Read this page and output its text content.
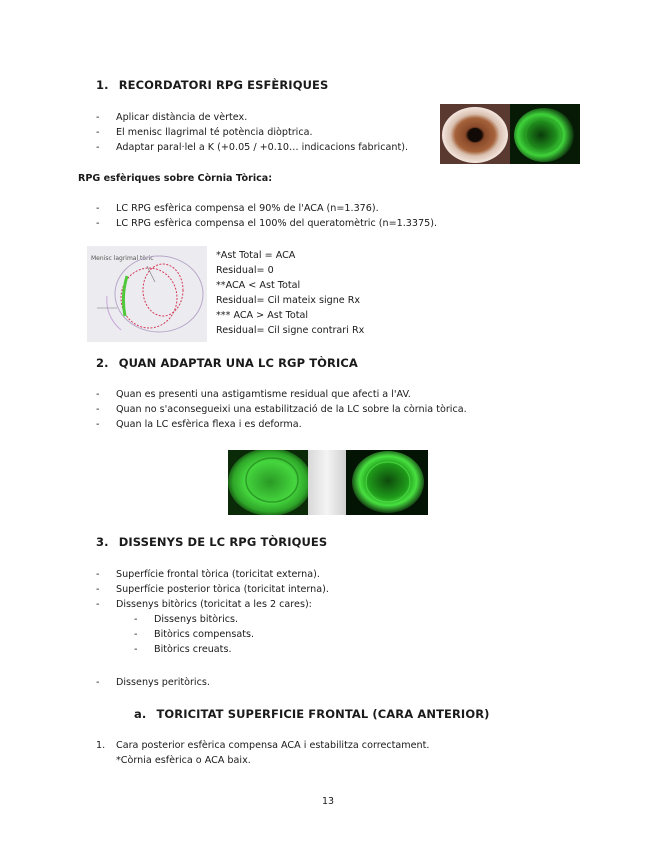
1. RECORDATORI RPG ESFÈRIQUES
- Aplicar distància de vèrtex.
- El menisc llagrimal té potència diòptrica.
- Adaptar paral·lel a K (+0.05 / +0.10… indicacions fabricant).
RPG esfèriques sobre Còrnia Tòrica:
- LC RPG esfèrica compensa el 90% de l'ACA (n=1.376).
- LC RPG esfèrica compensa el 100% del queratomètric (n=1.3375).
Menisc lagrimal tòric	*Ast Total = ACA
Residual= 0
**ACA < Ast Total
Residual= Cil mateix signe Rx
*** ACA > Ast Total
Residual= Cil signe contrari Rx
2. QUAN ADAPTAR UNA LC RGP TÒRICA
- Quan es presenti una astigamtisme residual que afecti a l'AV.
- Quan no s'aconsegueixi una estabilització de la LC sobre la còrnia tòrica.
- Quan la LC esfèrica flexa i es deforma.
3. DISSENYS DE LC RPG TÒRIQUES
- Superfície frontal tòrica (toricitat externa).
- Superfície posterior tòrica (toricitat interna).
- Dissenys bitòrics (toricitat a les 2 cares):
- Dissenys bitòrics.
- Bitòrics compensats.
- Bitòrics creuats.
- Dissenys peritòrics.
a. TORICITAT SUPERFICIE FRONTAL (CARA ANTERIOR)
1. Cara posterior esfèrica compensa ACA i estabilitza correctament.
*Còrnia esfèrica o ACA baix.
13
